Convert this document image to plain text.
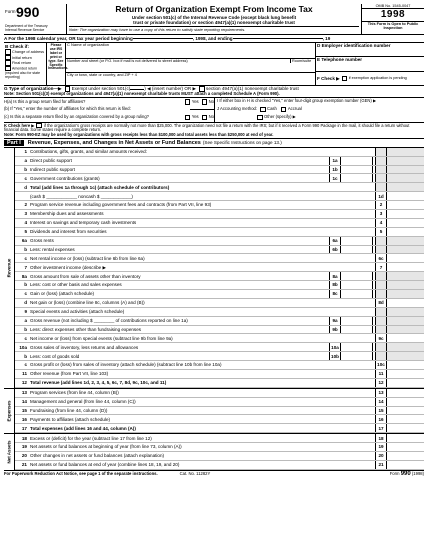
Form 990
Department of the Treasury
Internal Revenue Service
Return of Organization Exempt From Income Tax
Under section 501(c) of the Internal Revenue Code (except black lung benefit
trust or private foundation) or section 4947(a)(1) nonexempt charitable trust
Note: The organization may have to use a copy of this return to satisfy state reporting requirements.
OMB No. 1545-0047
1998
This Form is Open to Public Inspection
A For the 1998 calendar year, OR tax year period beginning	, 1998, and ending	, 19
B Check if:
Change of address
Initial return
Final return
Amended return (required also for state reporting)
Please use IRS label or print or type. See Specific Instructions.
C Name of organization
Number and street (or P.O. box if mail is not delivered to street address)	Room/suite
City or town, state or country, and ZIP + 4
D Employer identification number
E Telephone number
F Check ▶ if exemption application is pending
G Type of organization—▶ Exempt under section 501(c)	) ◀ (insert number) OR ▶ section 4947(a)(1) nonexempt charitable trust
Note: Section 501(c)(3) exempt organizations and 4947(a)(1) nonexempt charitable trusts MUST attach a completed Schedule A (Form 990).
H(a) Is this a group return filed for affiliates?	Yes No
(b) If "Yes," enter the number of affiliates for which this return is filed:
(c) Is this a separate return filed by an organization covered by a group ruling?	Yes No
I If either box in H is checked "Yes," enter four-digit group exemption number (GEN) ▶
J Accounting method: Cash	Accrual
Other (specify) ▶
K Check here ▶ if the organization's gross receipts are normally not more than $25,000. The organization need not file a return with the IRS; but if it received a Form 990 Package in the mail, it should file a return without financial data. Some states require a complete return.
Note: Form 990-EZ may be used by organizations with gross receipts less than $100,000 and total assets less than $250,000 at end of year.
Part I	Revenue, Expenses, and Changes in Net Assets or Fund Balances (See Specific Instructions on page 13.)
Revenue
1 Contributions, gifts, grants, and similar amounts received:
a Direct public support	1a
b Indirect public support	1b
c Government contributions (grants)	1c
d Total (add lines 1a through 1c) (attach schedule of contributors)
(cash $ ____________ noncash $ ____________)	1d
2 Program service revenue including government fees and contracts (from Part VII, line 93)	2
3 Membership dues and assessments	3
4 Interest on savings and temporary cash investments	4
5 Dividends and interest from securities	5
6a Gross rents	6a
b Less: rental expenses	6b
c Net rental income or (loss) (subtract line 6b from line 6a)	6c
7 Other investment income (describe ▶	7
8a Gross amount from sale of assets other than inventory	8a
b Less: cost or other basis and sales expenses	8b
c Gain or (loss) (attach schedule)	8c
d Net gain or (loss) (combine line 8c, columns (A) and (B))	8d
9 Special events and activities (attach schedule)
a Gross revenue (not including $ ________ of contributions reported on line 1a)	9a
b Less: direct expenses other than fundraising expenses	9b
c Net income or (loss) from special events (subtract line 9b from line 9a)	9c
10a Gross sales of inventory, less returns and allowances	10a
b Less: cost of goods sold	10b
c Gross profit or (loss) from sales of inventory (attach schedule) (subtract line 10b from line 10a)	10c
11 Other revenue (from Part VII, line 103)	11
12 Total revenue (add lines 1d, 2, 3, 4, 5, 6c, 7, 8d, 9c, 10c, and 11)	12
Expenses
13 Program services (from line 44, column (B))	13
14 Management and general (from line 44, column (C))	14
15 Fundraising (from line 44, column (D))	15
16 Payments to affiliates (attach schedule)	16
17 Total expenses (add lines 16 and 44, column (A))	17
Net Assets
18 Excess or (deficit) for the year (subtract line 17 from line 12)	18
19 Net assets or fund balances at beginning of year (from line 73, column (A))	19
20 Other changes in net assets or fund balances (attach explanation)	20
21 Net assets or fund balances at end of year (combine lines 18, 19, and 20)	21
For Paperwork Reduction Act Notice, see page 1 of the separate instructions.	Cat. No. 11282Y	Form 990 (1998)
